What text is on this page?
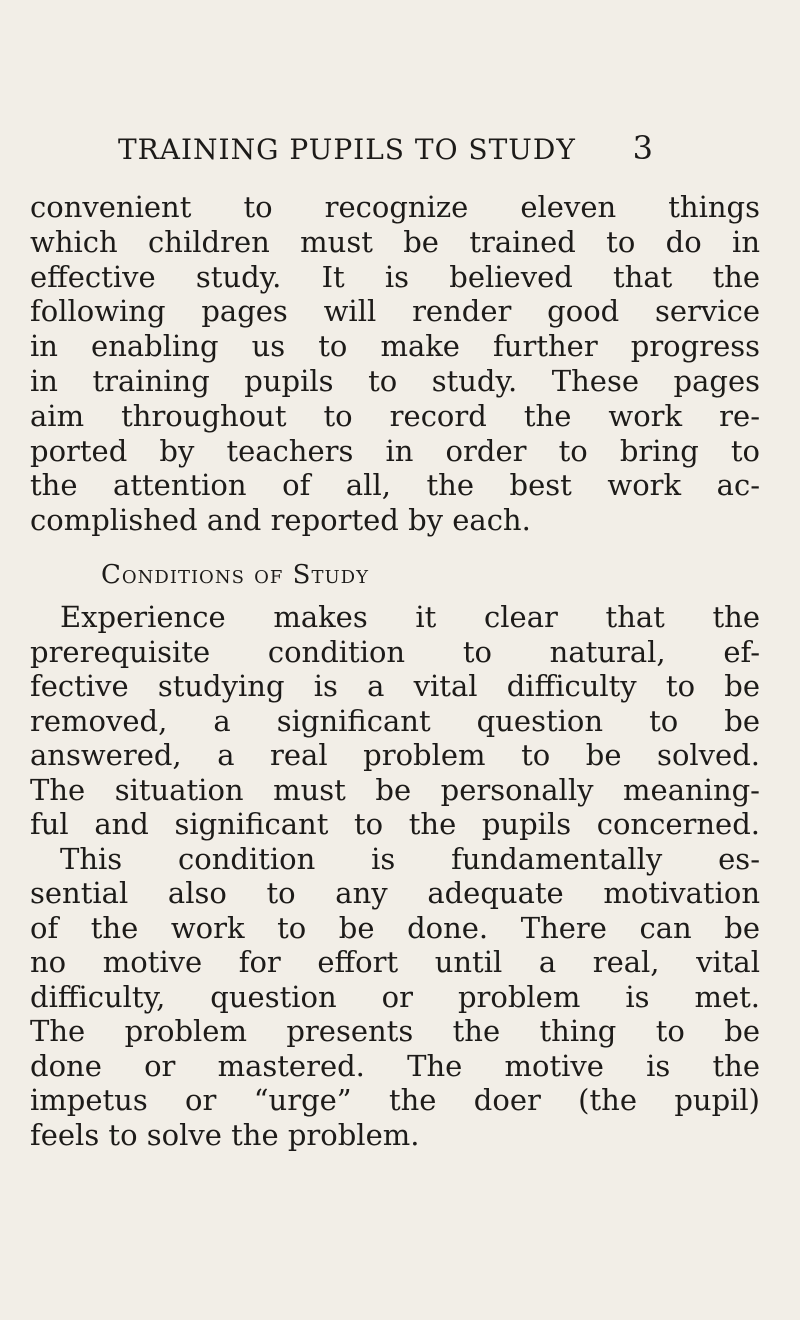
TRAINING PUPILS TO STUDY 3
convenient to recognize eleven things
which children must be trained to do in
effective study. It is believed that the
following pages will render good service
in enabling us to make further progress
in training pupils to study. These pages
aim throughout to record the work re-
ported by teachers in order to bring to
the attention of all, the best work ac-
complished and reported by each.
Conditions of Study
Experience makes it clear that the
prerequisite condition to natural, ef-
fective studying is a vital difficulty to be
removed, a significant question to be
answered, a real problem to be solved.
The situation must be personally meaning-
ful and significant to the pupils concerned.
This condition is fundamentally es-
sential also to any adequate motivation
of the work to be done. There can be
no motive for effort until a real, vital
difficulty, question or problem is met.
The problem presents the thing to be
done or mastered. The motive is the
impetus or “urge” the doer (the pupil)
feels to solve the problem.
